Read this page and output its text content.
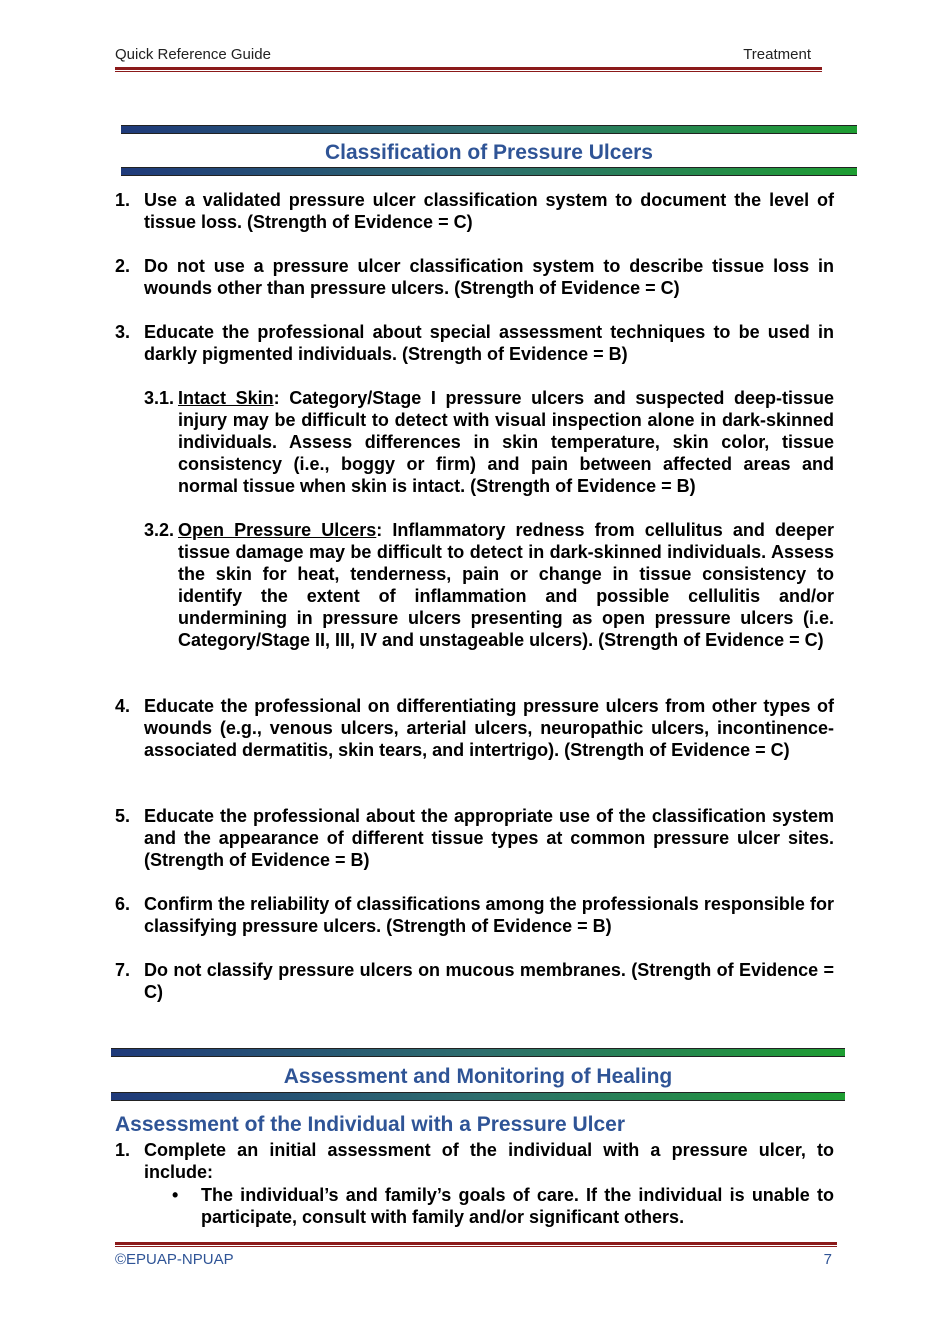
Quick Reference Guide	Treatment
Classification of Pressure Ulcers
1. Use a validated pressure ulcer classification system to document the level of tissue loss. (Strength of Evidence = C)
2. Do not use a pressure ulcer classification system to describe tissue loss in wounds other than pressure ulcers. (Strength of Evidence = C)
3. Educate the professional about special assessment techniques to be used in darkly pigmented individuals. (Strength of Evidence = B)
3.1. Intact Skin: Category/Stage I pressure ulcers and suspected deep-tissue injury may be difficult to detect with visual inspection alone in dark-skinned individuals. Assess differences in skin temperature, skin color, tissue consistency (i.e., boggy or firm) and pain between affected areas and normal tissue when skin is intact. (Strength of Evidence = B)
3.2. Open Pressure Ulcers: Inflammatory redness from cellulitus and deeper tissue damage may be difficult to detect in dark-skinned individuals. Assess the skin for heat, tenderness, pain or change in tissue consistency to identify the extent of inflammation and possible cellulitis and/or undermining in pressure ulcers presenting as open pressure ulcers (i.e. Category/Stage II, III, IV and unstageable ulcers). (Strength of Evidence = C)
4. Educate the professional on differentiating pressure ulcers from other types of wounds (e.g., venous ulcers, arterial ulcers, neuropathic ulcers, incontinence-associated dermatitis, skin tears, and intertrigo). (Strength of Evidence = C)
5. Educate the professional about the appropriate use of the classification system and the appearance of different tissue types at common pressure ulcer sites. (Strength of Evidence = B)
6. Confirm the reliability of classifications among the professionals responsible for classifying pressure ulcers. (Strength of Evidence = B)
7. Do not classify pressure ulcers on mucous membranes. (Strength of Evidence = C)
Assessment and Monitoring of Healing
Assessment of the Individual with a Pressure Ulcer
1. Complete an initial assessment of the individual with a pressure ulcer, to include:
• The individual’s and family’s goals of care. If the individual is unable to participate, consult with family and/or significant others.
©EPUAP-NPUAP	7
